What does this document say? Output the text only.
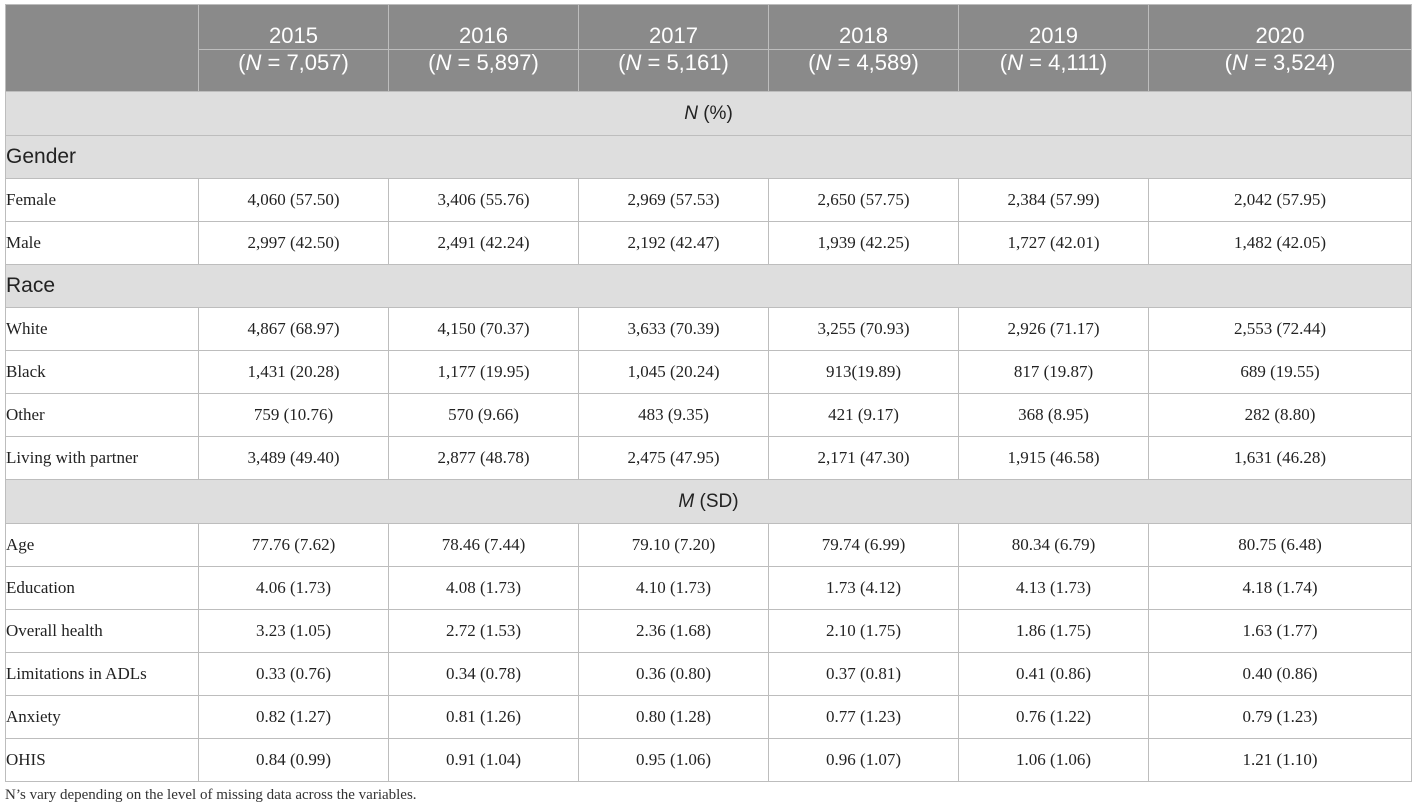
	2015	2016	2017	2018	2019	2020
	(N = 7,057)	(N = 5,897)	(N = 5,161)	(N = 4,589)	(N = 4,111)	(N = 3,524)
N (%)						
Gender						
Female	4,060 (57.50)	3,406 (55.76)	2,969 (57.53)	2,650 (57.75)	2,384 (57.99)	2,042 (57.95)
Male	2,997 (42.50)	2,491 (42.24)	2,192 (42.47)	1,939 (42.25)	1,727 (42.01)	1,482 (42.05)
Race						
White	4,867 (68.97)	4,150 (70.37)	3,633 (70.39)	3,255 (70.93)	2,926 (71.17)	2,553 (72.44)
Black	1,431 (20.28)	1,177 (19.95)	1,045 (20.24)	913(19.89)	817 (19.87)	689 (19.55)
Other	759 (10.76)	570 (9.66)	483 (9.35)	421 (9.17)	368 (8.95)	282 (8.80)
Living with partner	3,489 (49.40)	2,877 (48.78)	2,475 (47.95)	2,171 (47.30)	1,915 (46.58)	1,631 (46.28)
M (SD)						
Age	77.76 (7.62)	78.46 (7.44)	79.10 (7.20)	79.74 (6.99)	80.34 (6.79)	80.75 (6.48)
Education	4.06 (1.73)	4.08 (1.73)	4.10 (1.73)	1.73 (4.12)	4.13 (1.73)	4.18 (1.74)
Overall health	3.23 (1.05)	2.72 (1.53)	2.36 (1.68)	2.10 (1.75)	1.86 (1.75)	1.63 (1.77)
Limitations in ADLs	0.33 (0.76)	0.34 (0.78)	0.36 (0.80)	0.37 (0.81)	0.41 (0.86)	0.40 (0.86)
Anxiety	0.82 (1.27)	0.81 (1.26)	0.80 (1.28)	0.77 (1.23)	0.76 (1.22)	0.79 (1.23)
OHIS	0.84 (0.99)	0.91 (1.04)	0.95 (1.06)	0.96 (1.07)	1.06 (1.06)	1.21 (1.10)
N’s vary depending on the level of missing data across the variables.
